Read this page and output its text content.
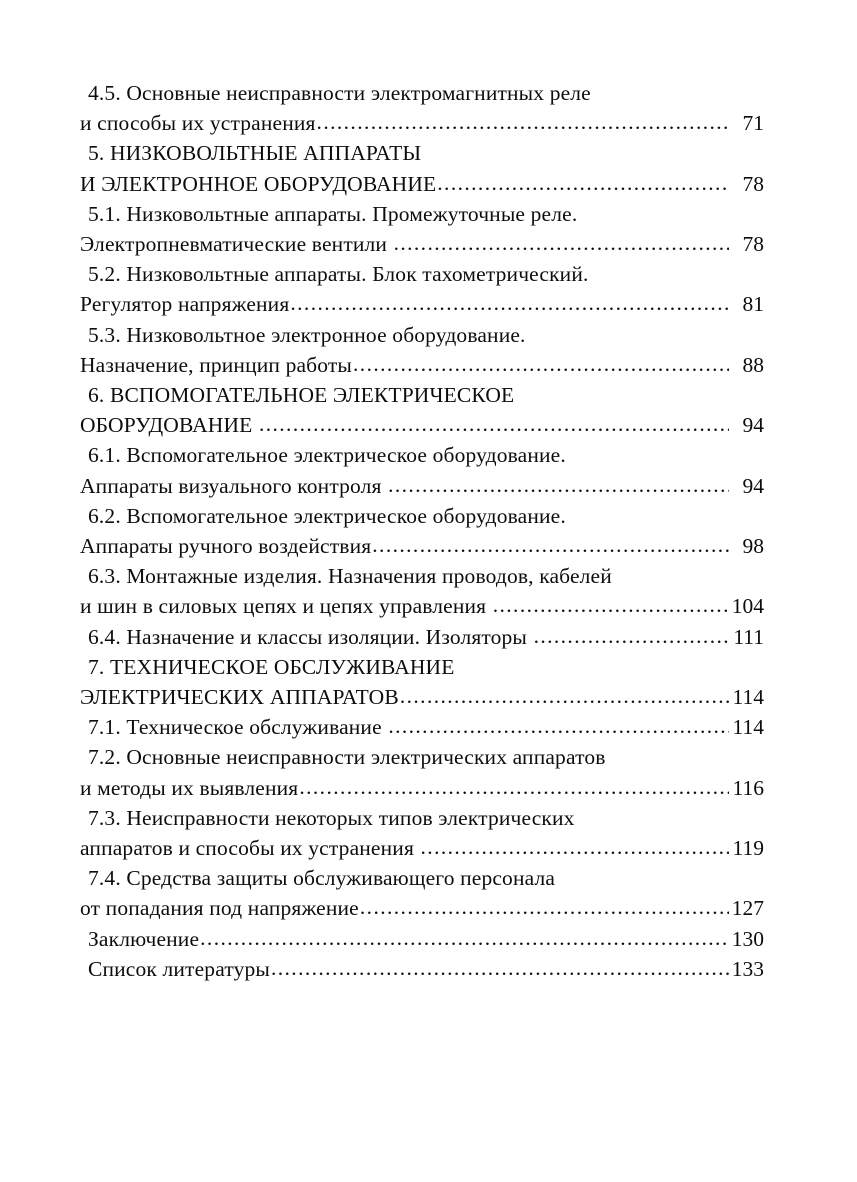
4.5. Основные неисправности электромагнитных реле
и способы их устранения .....	71
5. НИЗКОВОЛЬТНЫЕ АППАРАТЫ
И ЭЛЕКТРОННОЕ ОБОРУДОВАНИЕ .....	78
5.1. Низковольтные аппараты. Промежуточные реле.
Электропневматические вентили .....	78
5.2. Низковольтные аппараты. Блок тахометрический.
Регулятор напряжения .....	81
5.3. Низковольтное электронное оборудование.
Назначение, принцип работы .....	88
6. ВСПОМОГАТЕЛЬНОЕ ЭЛЕКТРИЧЕСКОЕ
ОБОРУДОВАНИЕ .....	94
6.1. Вспомогательное электрическое оборудование.
Аппараты визуального контроля .....	94
6.2. Вспомогательное электрическое оборудование.
Аппараты ручного воздействия .....	98
6.3. Монтажные изделия. Назначения проводов, кабелей
и шин в силовых цепях и цепях управления .....	104
6.4. Назначение и классы изоляции. Изоляторы .....	111
7. ТЕХНИЧЕСКОЕ ОБСЛУЖИВАНИЕ
ЭЛЕКТРИЧЕСКИХ АППАРАТОВ .....	114
7.1. Техническое обслуживание .....	114
7.2. Основные неисправности электрических аппаратов
и методы их выявления .....	116
7.3. Неисправности некоторых типов электрических
аппаратов и способы их устранения .....	119
7.4. Средства защиты обслуживающего персонала
от попадания под напряжение .....	127
Заключение .....	130
Список литературы .....	133
